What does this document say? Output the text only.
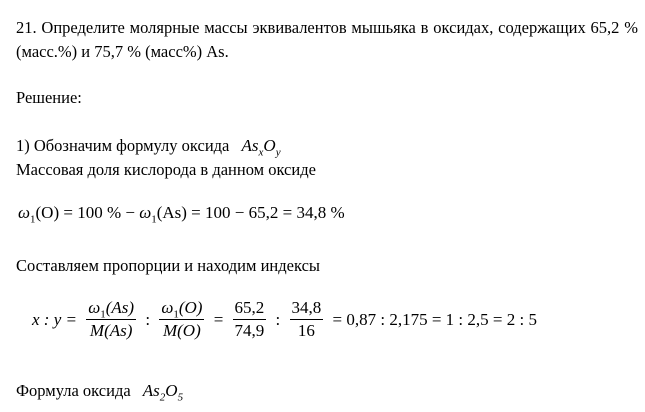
21. Определите молярные массы эквивалентов мышьяка в оксидах, содержащих 65,2 % (масс.%) и 75,7 % (масс%) As.
Решение:
1) Обозначим формулу оксида $As_xO_y$
Массовая доля кислорода в данном оксиде
$\omega_1(O) = 100$ % − $\omega_1(As) = 100 - 65,2 = 34,8$ %
Составляем пропорции и находим индексы
x : $y = \frac{\omega_1(As)}{M(As)}$ : $\frac{\omega_1(O)}{M(O)} = \frac{65,2}{74,9}$ : $\frac{34,8}{16} = 0,87$ : 2,175 = 1 : 2,5 = 2 : 5
Формула оксида $As_2O_5$
